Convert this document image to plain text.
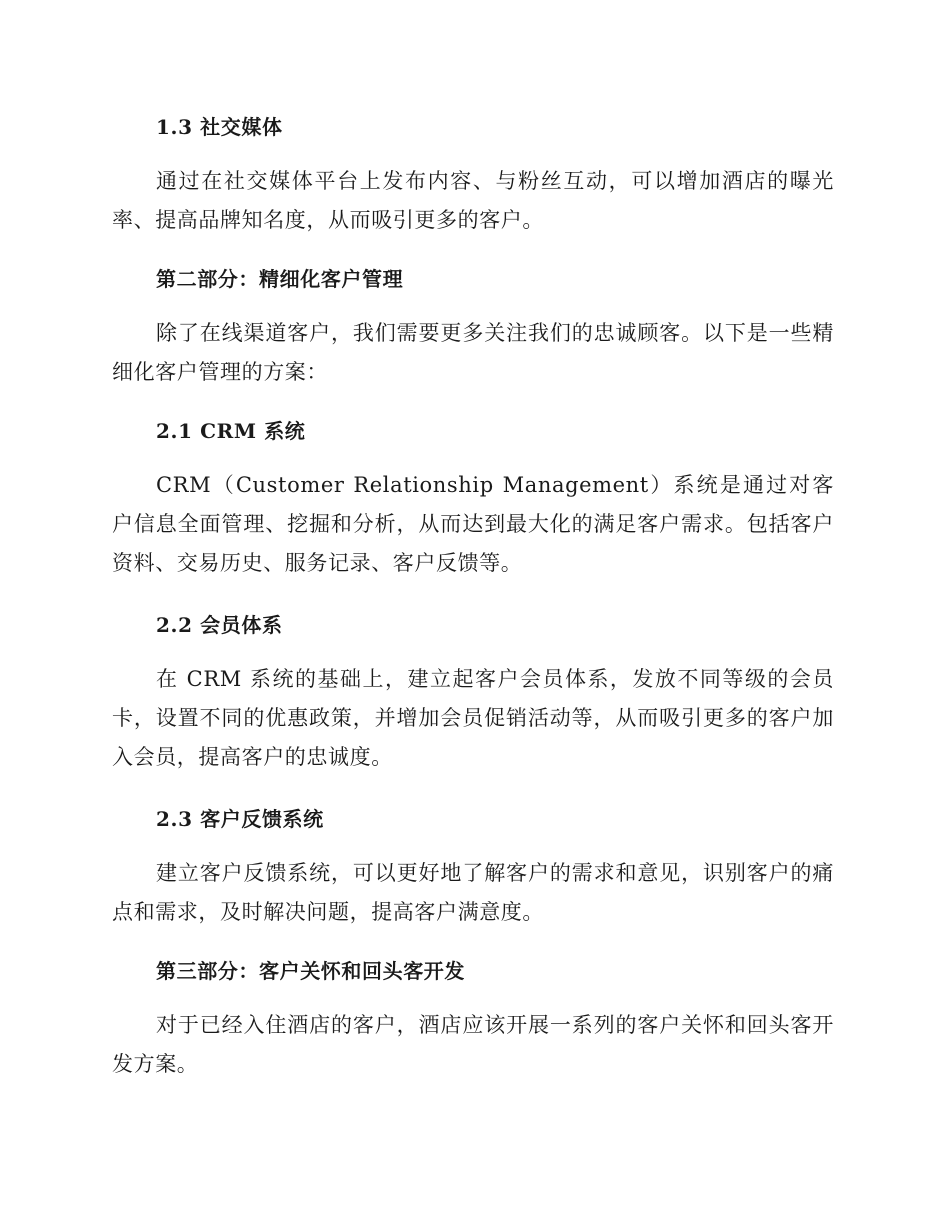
1.3 社交媒体

通过在社交媒体平台上发布内容、与粉丝互动，可以增加酒店的曝光率、提高品牌知名度，从而吸引更多的客户。

第二部分：精细化客户管理

除了在线渠道客户，我们需要更多关注我们的忠诚顾客。以下是一些精细化客户管理的方案：

2.1 CRM 系统

CRM（Customer Relationship Management）系统是通过对客户信息全面管理、挖掘和分析，从而达到最大化的满足客户需求。包括客户资料、交易历史、服务记录、客户反馈等。

2.2 会员体系

在 CRM 系统的基础上，建立起客户会员体系，发放不同等级的会员卡，设置不同的优惠政策，并增加会员促销活动等，从而吸引更多的客户加入会员，提高客户的忠诚度。

2.3 客户反馈系统

建立客户反馈系统，可以更好地了解客户的需求和意见，识别客户的痛点和需求，及时解决问题，提高客户满意度。

第三部分：客户关怀和回头客开发

对于已经入住酒店的客户，酒店应该开展一系列的客户关怀和回头客开发方案。
